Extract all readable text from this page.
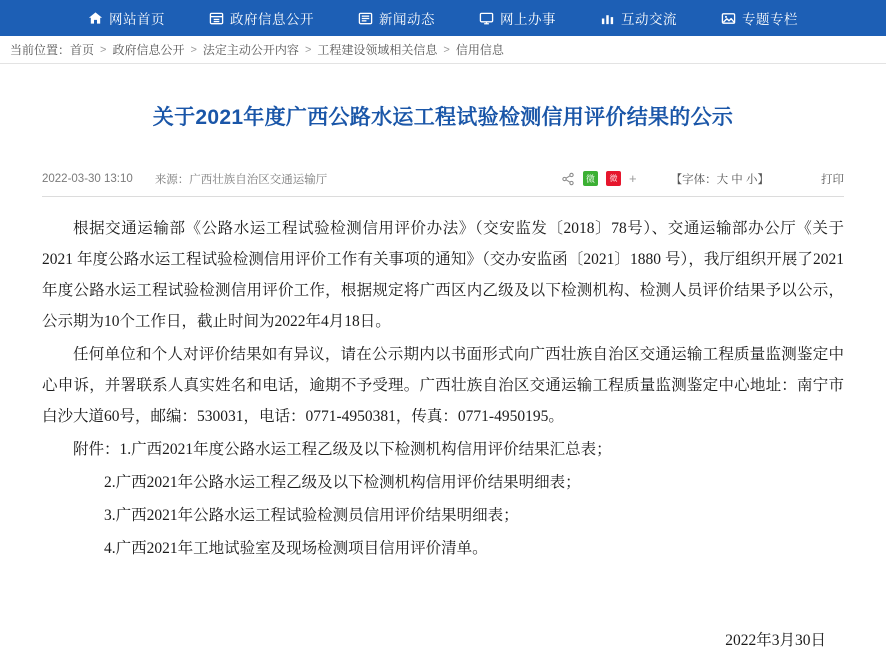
网站首页	政府信息公开	新闻动态	网上办事	互动交流	专题专栏
当前位置： 首页 > 政府信息公开 > 法定主动公开内容 > 工程建设领域相关信息 > 信用信息
关于2021年度广西公路水运工程试验检测信用评价结果的公示
2022-03-30 13:10 来源：广西壮族自治区交通运输厅	微	微 +	【字体：大 中 小】	打印

根据交通运输部《公路水运工程试验检测信用评价办法》（交安监发〔2018〕78号）、交通运输部办公厅《关于2021 年度公路水运工程试验检测信用评价工作有关事项的通知》（交办安监函〔2021〕1880 号），我厅组织开展了2021年度公路水运工程试验检测信用评价工作，根据规定将广西区内乙级及以下检测机构、检测人员评价结果予以公示，公示期为10个工作日，截止时间为2022年4月18日。

任何单位和个人对评价结果如有异议，请在公示期内以书面形式向广西壮族自治区交通运输工程质量监测鉴定中心申诉，并署联系人真实姓名和电话，逾期不予受理。广西壮族自治区交通运输工程质量监测鉴定中心地址：南宁市白沙大道60号，邮编：530031，电话：0771-4950381，传真：0771-4950195。

附件：1.广西2021年度公路水运工程乙级及以下检测机构信用评价结果汇总表；

2.广西2021年公路水运工程乙级及以下检测机构信用评价结果明细表；

3.广西2021年公路水运工程试验检测员信用评价结果明细表；

4.广西2021年工地试验室及现场检测项目信用评价清单。

2022年3月30日
